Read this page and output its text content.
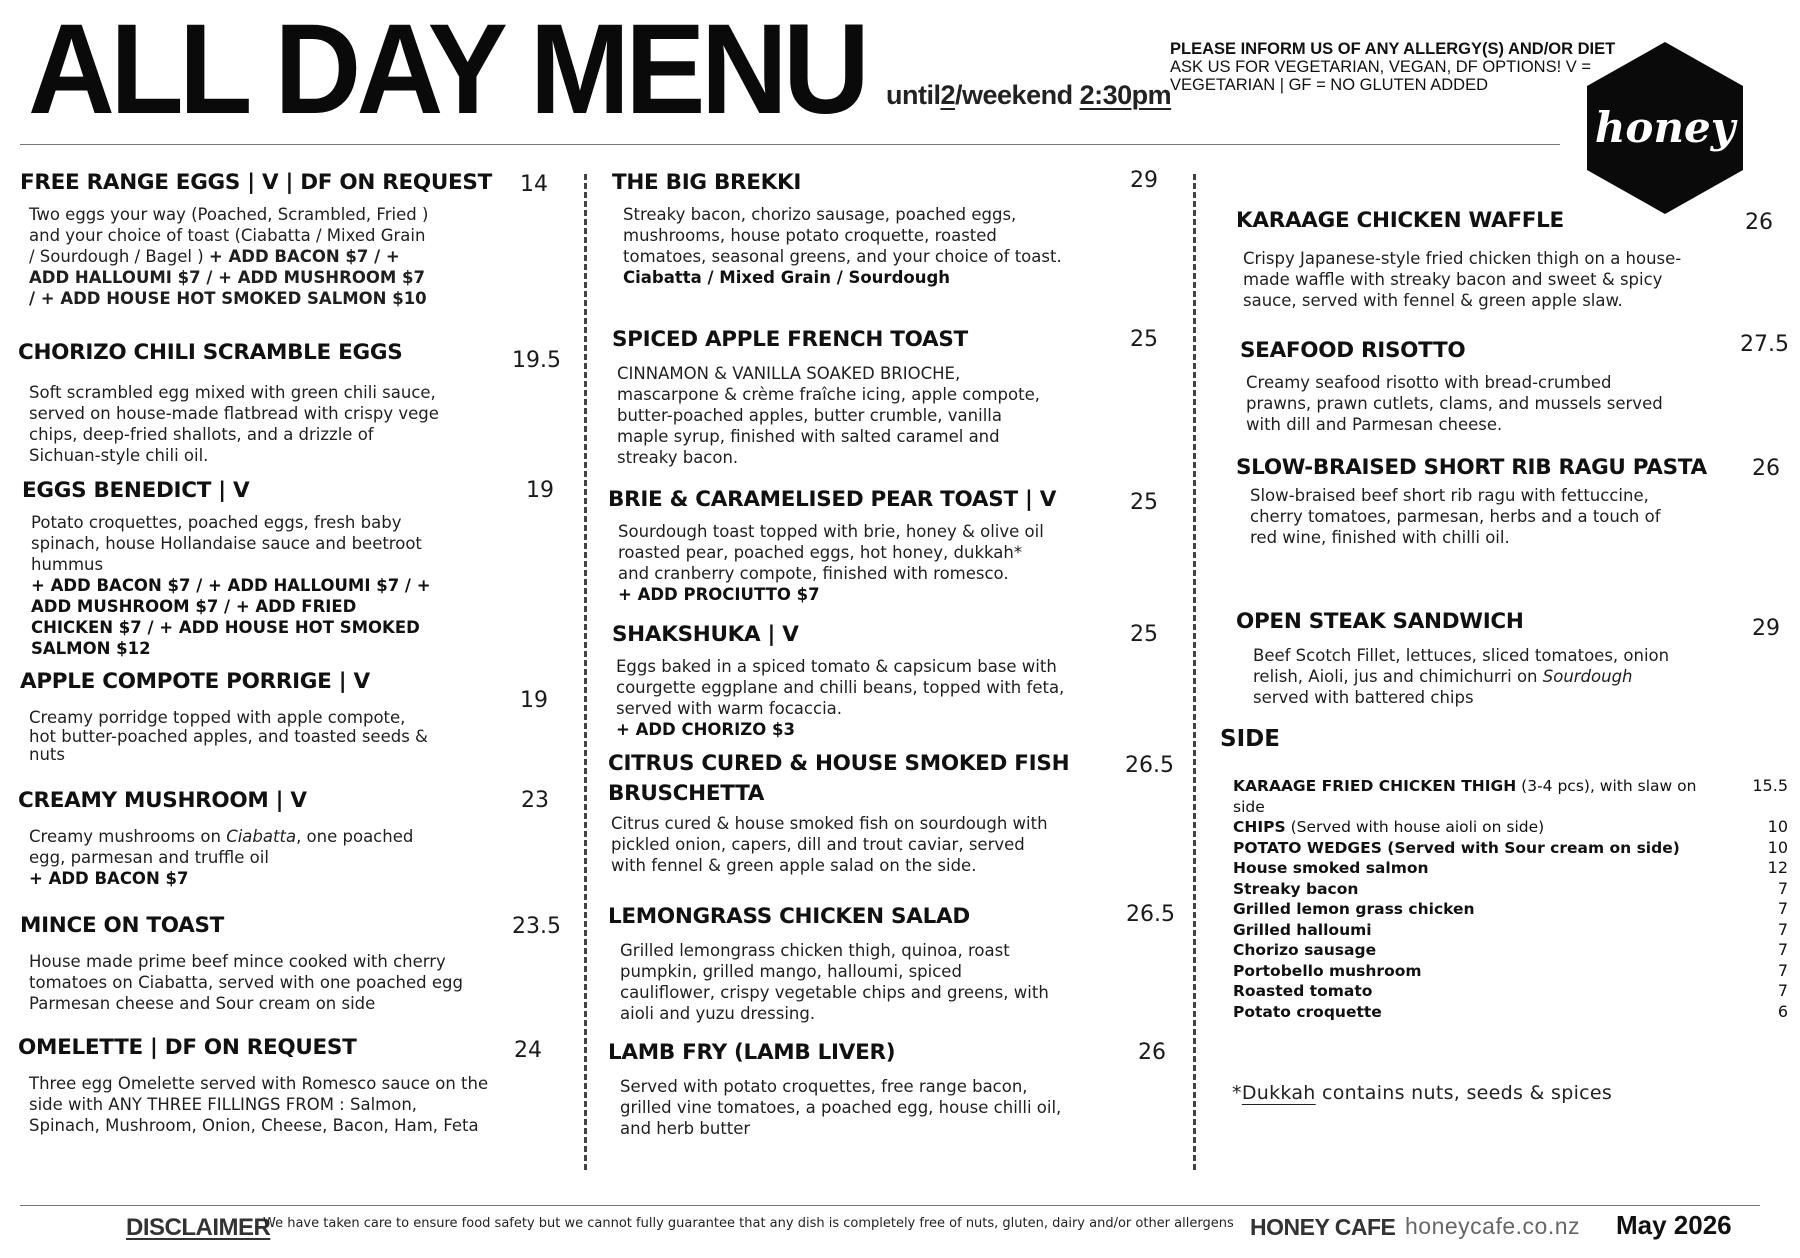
ALL DAY MENU until2/weekend 2:30pm
PLEASE INFORM US OF ANY ALLERGY(S) AND/OR DIET
ASK US FOR VEGETARIAN, VEGAN, DF OPTIONS! V = VEGETARIAN | GF = NO GLUTEN ADDED
honey
FREE RANGE EGGS | V | DF ON REQUEST

Two eggs your way (Poached, Scrambled, Fried ) and your choice of toast (Ciabatta / Mixed Grain / Sourdough / Bagel ) + ADD BACON $7 / + ADD HALLOUMI $7 / + ADD MUSHROOM $7 / + ADD HOUSE HOT SMOKED SALMON $10

14
CHORIZO CHILI SCRAMBLE EGGS

Soft scrambled egg mixed with green chili sauce, served on house-made flatbread with crispy vege chips, deep-fried shallots, and a drizzle of Sichuan-style chili oil.

19.5
EGGS BENEDICT | V

Potato croquettes, poached eggs, fresh baby spinach, house Hollandaise sauce and beetroot hummus

+ ADD BACON $7 / + ADD HALLOUMI $7 / + ADD MUSHROOM $7 / + ADD FRIED CHICKEN $7 / + ADD HOUSE HOT SMOKED SALMON $12

19
APPLE COMPOTE PORRIGE | V

Creamy porridge topped with apple compote, hot butter-poached apples, and toasted seeds & nuts

19
CREAMY MUSHROOM | V

Creamy mushrooms on Ciabatta, one poached egg, parmesan and truffle oil

+ ADD BACON $7

23
MINCE ON TOAST

House made prime beef mince cooked with cherry tomatoes on Ciabatta, served with one poached egg Parmesan cheese and Sour cream on side

23.5
OMELETTE | DF ON REQUEST

Three egg Omelette served with Romesco sauce on the side with ANY THREE FILLINGS FROM : Salmon, Spinach, Mushroom, Onion, Cheese, Bacon, Ham, Feta

24
THE BIG BREKKI

Streaky bacon, chorizo sausage, poached eggs, mushrooms, house potato croquette, roasted tomatoes, seasonal greens, and your choice of toast.

Ciabatta / Mixed Grain / Sourdough

29
SPICED APPLE FRENCH TOAST

CINNAMON & VANILLA SOAKED BRIOCHE, mascarpone & crème fraîche icing, apple compote, butter-poached apples, butter crumble, vanilla maple syrup, finished with salted caramel and streaky bacon.

25
BRIE & CARAMELISED PEAR TOAST | V

Sourdough toast topped with brie, honey & olive oil roasted pear, poached eggs, hot honey, dukkah* and cranberry compote, finished with romesco.

+ ADD PROCIUTTO $7

25
SHAKSHUKA | V

Eggs baked in a spiced tomato & capsicum base with courgette eggplane and chilli beans, topped with feta, served with warm focaccia.

+ ADD CHORIZO $3

25
CITRUS CURED & HOUSE SMOKED FISH BRUSCHETTA

Citrus cured & house smoked fish on sourdough with pickled onion, capers, dill and trout caviar, served with fennel & green apple salad on the side.

26.5
LEMONGRASS CHICKEN SALAD

Grilled lemongrass chicken thigh, quinoa, roast pumpkin, grilled mango, halloumi, spiced cauliflower, crispy vegetable chips and greens, with aioli and yuzu dressing.

26.5
LAMB FRY (LAMB LIVER)

Served with potato croquettes, free range bacon, grilled vine tomatoes, a poached egg, house chilli oil, and herb butter

26
KARAAGE CHICKEN WAFFLE

Crispy Japanese-style fried chicken thigh on a house-made waffle with streaky bacon and sweet & spicy sauce, served with fennel & green apple slaw.

26
SEAFOOD RISOTTO

Creamy seafood risotto with bread-crumbed prawns, prawn cutlets, clams, and mussels served with dill and Parmesan cheese.

27.5
SLOW-BRAISED SHORT RIB RAGU PASTA

Slow-braised beef short rib ragu with fettuccine, cherry tomatoes, parmesan, herbs and a touch of red wine, finished with chilli oil.

26
OPEN STEAK SANDWICH

Beef Scotch Fillet, lettuces, sliced tomatoes, onion relish, Aioli, jus and chimichurri on Sourdough served with battered chips

29
SIDE
KARAAGE FRIED CHICKEN THIGH (3-4 pcs), with slaw on side
15.5
CHIPS (Served with house aioli on side)	10
POTATO WEDGES (Served with Sour cream on side)	10
House smoked salmon	12
Streaky bacon	7
Grilled lemon grass chicken	7
Grilled halloumi	7
Chorizo sausage	7
Portobello mushroom	7
Roasted tomato	7
Potato croquette	6
*Dukkah contains nuts, seeds & spices
DISCLAIMER
We have taken care to ensure food safety but we cannot fully guarantee that any dish is completely free of nuts, gluten, dairy and/or other allergens HONEY CAFE honeycafe.co.nz May 2026
